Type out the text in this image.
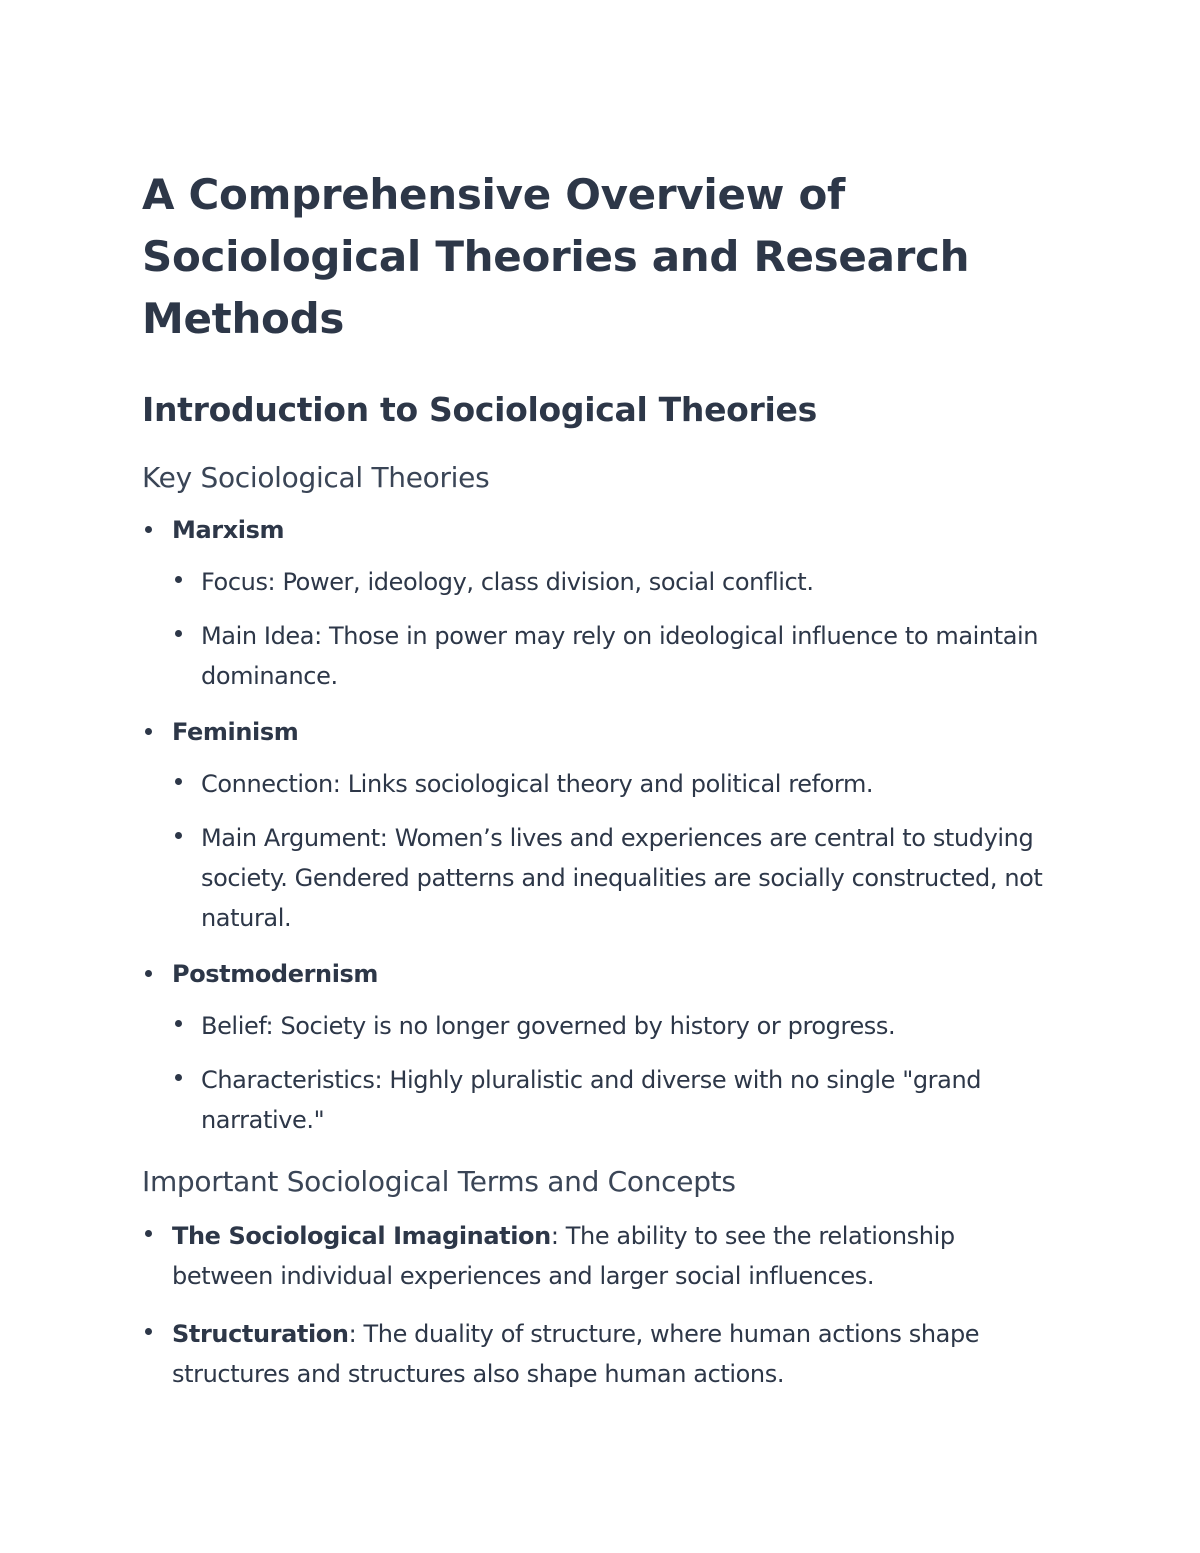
A Comprehensive Overview of Sociological Theories and Research Methods
Introduction to Sociological Theories
Key Sociological Theories
Marxism
Focus: Power, ideology, class division, social conflict.
Main Idea: Those in power may rely on ideological influence to maintain dominance.
Feminism
Connection: Links sociological theory and political reform.
Main Argument: Women’s lives and experiences are central to studying society. Gendered patterns and inequalities are socially constructed, not natural.
Postmodernism
Belief: Society is no longer governed by history or progress.
Characteristics: Highly pluralistic and diverse with no single "grand narrative."
Important Sociological Terms and Concepts
The Sociological Imagination: The ability to see the relationship between individual experiences and larger social influences.
Structuration: The duality of structure, where human actions shape structures and structures also shape human actions.
